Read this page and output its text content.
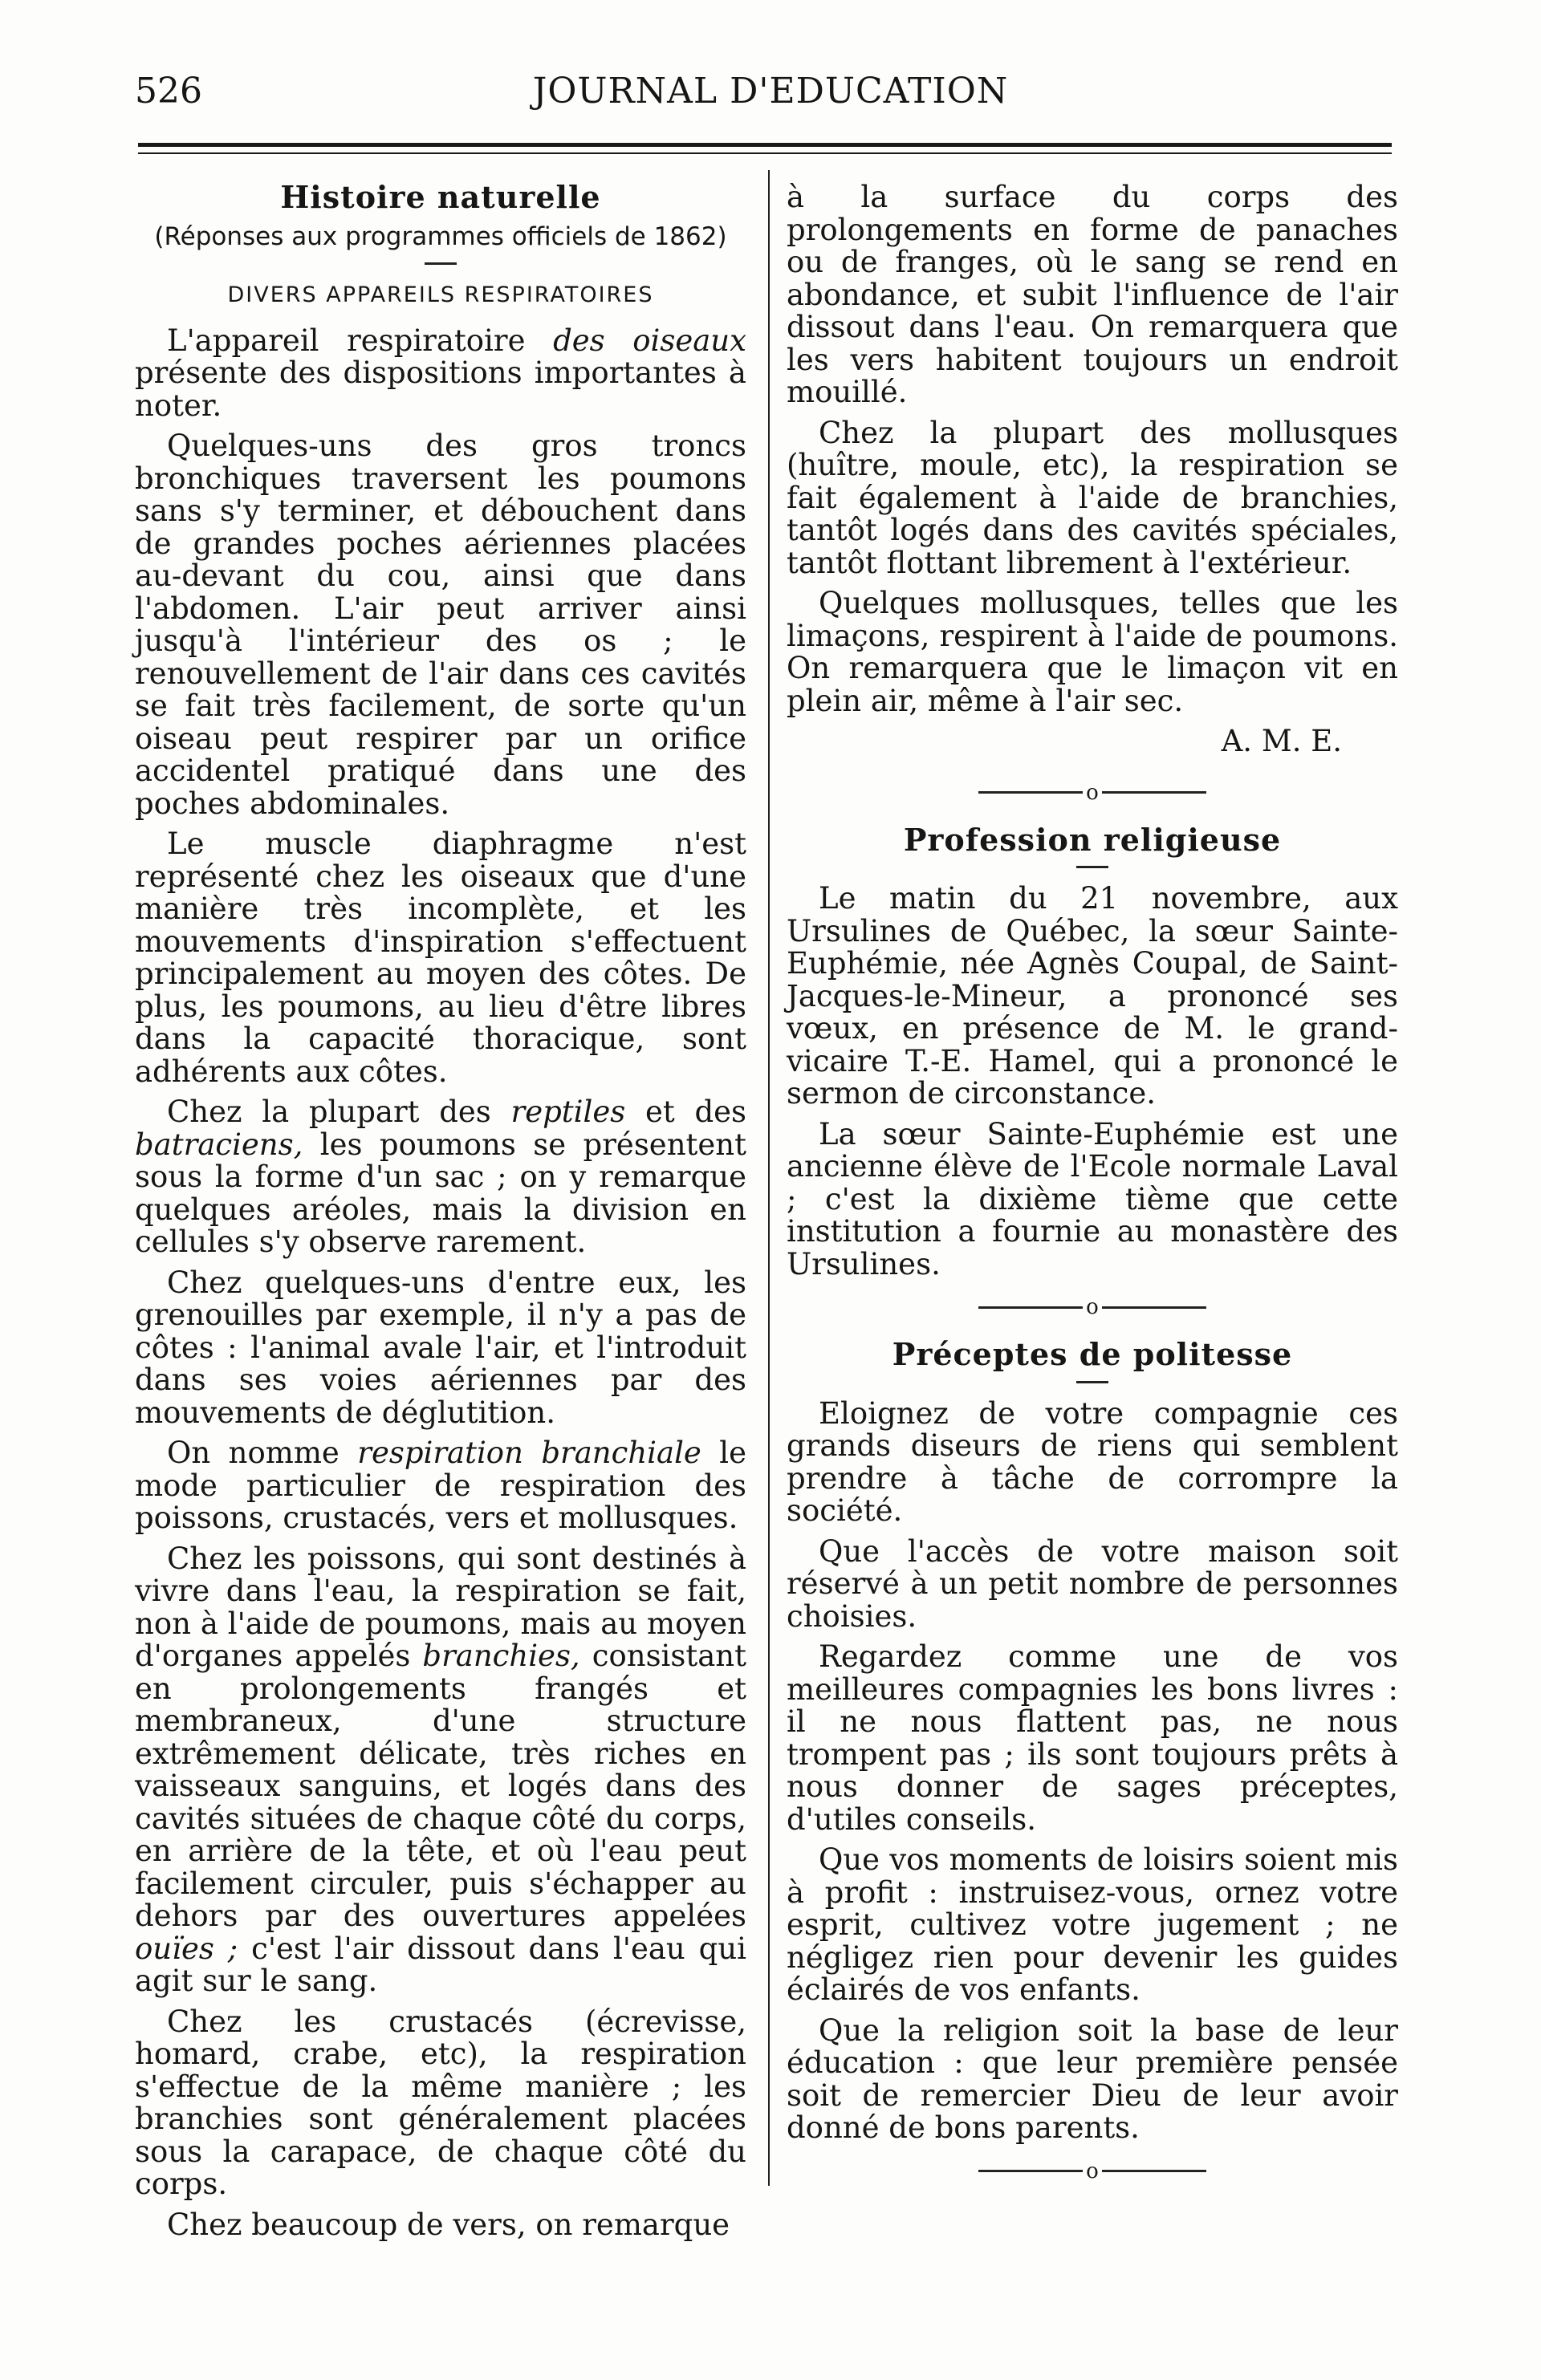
526	JOURNAL D'EDUCATION
Histoire naturelle
(Réponses aux programmes officiels de 1862)
DIVERS APPAREILS RESPIRATOIRES

L'appareil respiratoire des oiseaux présente des dispositions importantes à noter.

Quelques-uns des gros troncs bronchiques traversent les poumons sans s'y terminer, et débouchent dans de grandes poches aériennes placées au-devant du cou, ainsi que dans l'abdomen. L'air peut arriver ainsi jusqu'à l'intérieur des os ; le renouvellement de l'air dans ces cavités se fait très facilement, de sorte qu'un oiseau peut respirer par un orifice accidentel pratiqué dans une des poches abdominales.

Le muscle diaphragme n'est représenté chez les oiseaux que d'une manière très incomplète, et les mouvements d'inspiration s'effectuent principalement au moyen des côtes. De plus, les poumons, au lieu d'être libres dans la capacité thoracique, sont adhérents aux côtes.

Chez la plupart des reptiles et des batraciens, les poumons se présentent sous la forme d'un sac ; on y remarque quelques aréoles, mais la division en cellules s'y observe rarement.

Chez quelques-uns d'entre eux, les grenouilles par exemple, il n'y a pas de côtes : l'animal avale l'air, et l'introduit dans ses voies aériennes par des mouvements de déglutition.

On nomme respiration branchiale le mode particulier de respiration des poissons, crustacés, vers et mollusques.

Chez les poissons, qui sont destinés à vivre dans l'eau, la respiration se fait, non à l'aide de poumons, mais au moyen d'organes appelés branchies, consistant en prolongements frangés et membraneux, d'une structure extrêmement délicate, très riches en vaisseaux sanguins, et logés dans des cavités situées de chaque côté du corps, en arrière de la tête, et où l'eau peut facilement circuler, puis s'échapper au dehors par des ouvertures appelées ouïes ; c'est l'air dissout dans l'eau qui agit sur le sang.

Chez les crustacés (écrevisse, homard, crabe, etc), la respiration s'effectue de la même manière ; les branchies sont généralement placées sous la carapace, de chaque côté du corps.

Chez beaucoup de vers, on remarque

à la surface du corps des prolongements en forme de panaches ou de franges, où le sang se rend en abondance, et subit l'influence de l'air dissout dans l'eau. On remarquera que les vers habitent toujours un endroit mouillé.

Chez la plupart des mollusques (huître, moule, etc), la respiration se fait également à l'aide de branchies, tantôt logés dans des cavités spéciales, tantôt flottant librement à l'extérieur.

Quelques mollusques, telles que les limaçons, respirent à l'aide de poumons. On remarquera que le limaçon vit en plein air, même à l'air sec.

A. M. E.
o
Profession religieuse

Le matin du 21 novembre, aux Ursulines de Québec, la sœur Sainte-Euphémie, née Agnès Coupal, de Saint-Jacques-le-Mineur, a prononcé ses vœux, en présence de M. le grand-vicaire T.-E. Hamel, qui a prononcé le sermon de circonstance.

La sœur Sainte-Euphémie est une ancienne élève de l'Ecole normale Laval ; c'est la dixième tième que cette institution a fournie au monastère des Ursulines.

o
Préceptes de politesse

Eloignez de votre compagnie ces grands diseurs de riens qui semblent prendre à tâche de corrompre la société.

Que l'accès de votre maison soit réservé à un petit nombre de personnes choisies.

Regardez comme une de vos meilleures compagnies les bons livres : il ne nous flattent pas, ne nous trompent pas ; ils sont toujours prêts à nous donner de sages préceptes, d'utiles conseils.

Que vos moments de loisirs soient mis à profit : instruisez-vous, ornez votre esprit, cultivez votre jugement ; ne négligez rien pour devenir les guides éclairés de vos enfants.

Que la religion soit la base de leur éducation : que leur première pensée soit de remercier Dieu de leur avoir donné de bons parents.

o
